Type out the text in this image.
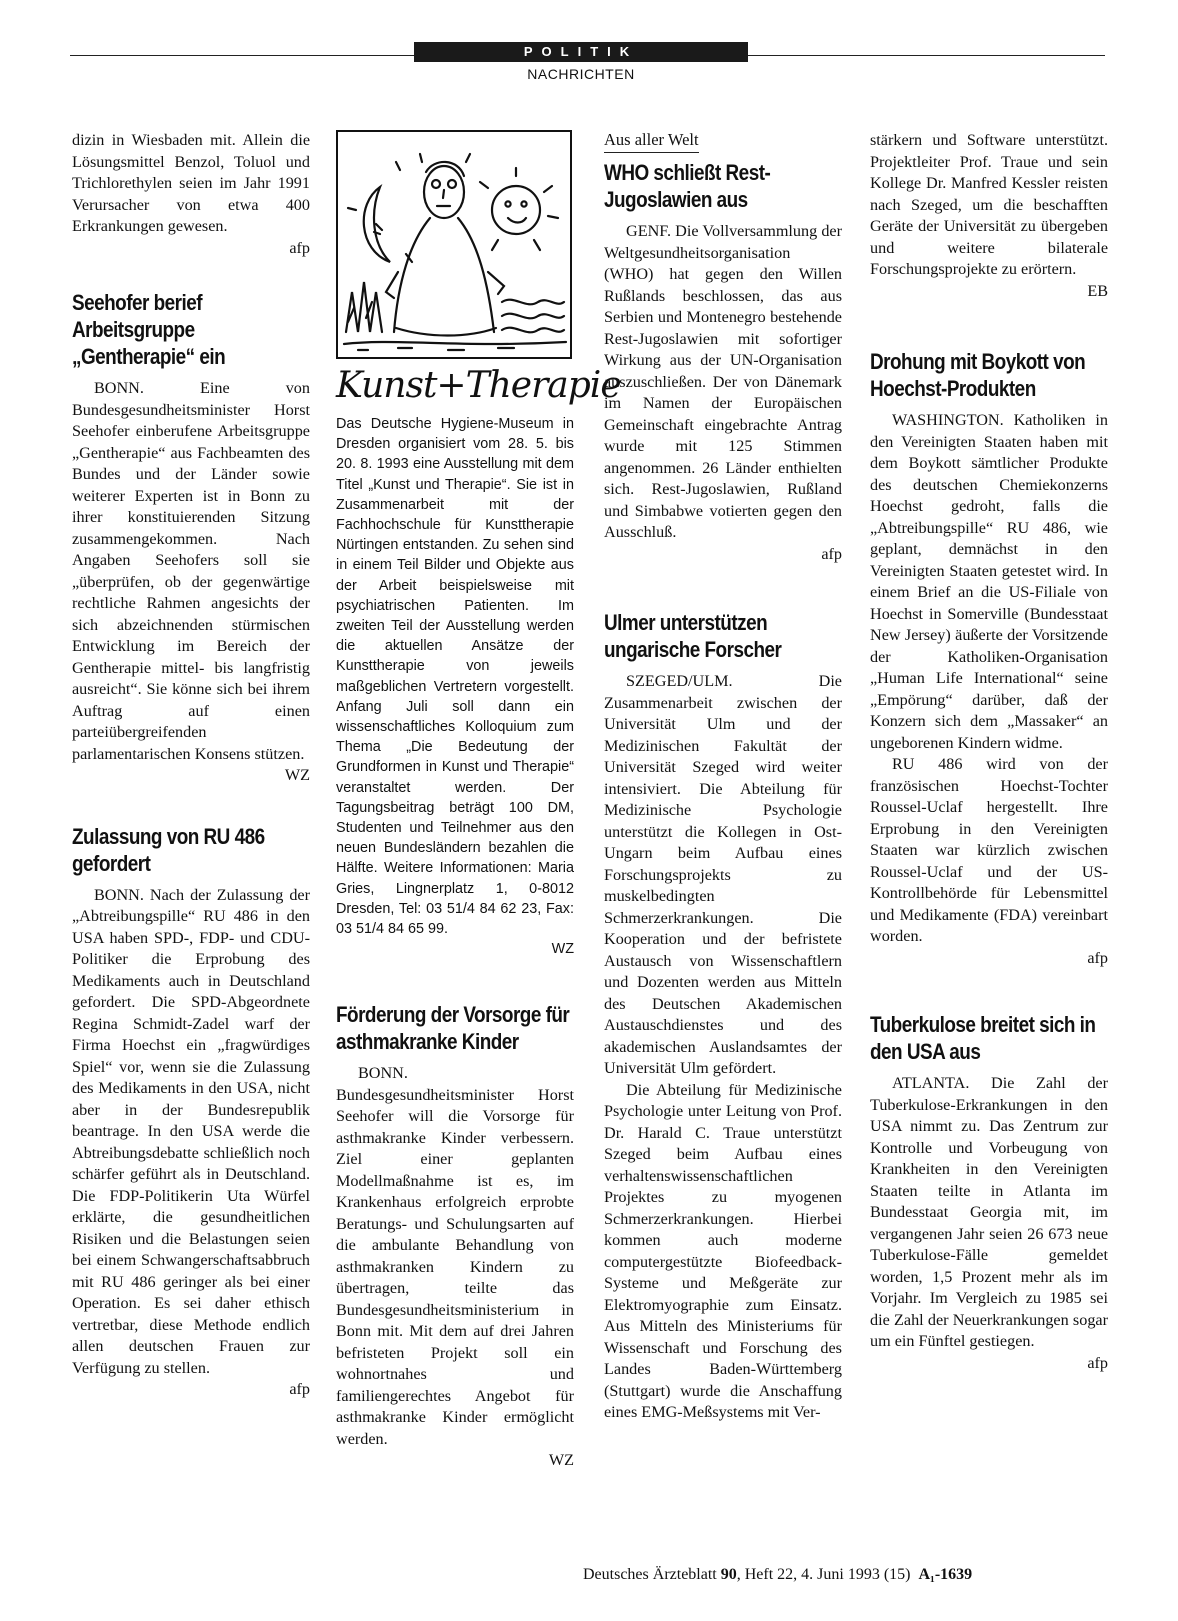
POLITIK
NACHRICHTEN

dizin in Wiesbaden mit. Allein die Lösungsmittel Benzol, Toluol und Trichlorethylen seien im Jahr 1991 Verursacher von etwa 400 Erkrankungen gewesen.
afp

Seehofer berief Arbeitsgruppe „Gentherapie“ ein

BONN. Eine von Bundesgesundheitsminister Horst Seehofer einberufene Arbeitsgruppe „Gentherapie“ aus Fachbeamten des Bundes und der Länder sowie weiterer Experten ist in Bonn zu ihrer konstituierenden Sitzung zusammengekommen. Nach Angaben Seehofers soll sie „überprüfen, ob der gegenwärtige rechtliche Rahmen angesichts der sich abzeichnenden stürmischen Entwicklung im Bereich der Gentherapie mittel- bis langfristig ausreicht“. Sie könne sich bei ihrem Auftrag auf einen parteiübergreifenden parlamentarischen Konsens stützen.
WZ

Zulassung von RU 486 gefordert

BONN. Nach der Zulassung der „Abtreibungspille“ RU 486 in den USA haben SPD-, FDP- und CDU-Politiker die Erprobung des Medikaments auch in Deutschland gefordert. Die SPD-Abgeordnete Regina Schmidt-Zadel warf der Firma Hoechst ein „fragwürdiges Spiel“ vor, wenn sie die Zulassung des Medikaments in den USA, nicht aber in der Bundesrepublik beantrage. In den USA werde die Abtreibungsdebatte schließlich noch schärfer geführt als in Deutschland. Die FDP-Politikerin Uta Würfel erklärte, die gesundheitlichen Risiken und die Belastungen seien bei einem Schwangerschaftsabbruch mit RU 486 geringer als bei einer Operation. Es sei daher ethisch vertretbar, diese Methode endlich allen deutschen Frauen zur Verfügung zu stellen.
afp

Kunst+Therapie
Das Deutsche Hygiene-Museum in Dresden organisiert vom 28. 5. bis 20. 8. 1993 eine Ausstellung mit dem Titel „Kunst und Therapie“. Sie ist in Zusammenarbeit mit der Fachhochschule für Kunsttherapie Nürtingen entstanden. Zu sehen sind in einem Teil Bilder und Objekte aus der Arbeit beispielsweise mit psychiatrischen Patienten. Im zweiten Teil der Ausstellung werden die aktuellen Ansätze der Kunsttherapie von jeweils maßgeblichen Vertretern vorgestellt. Anfang Juli soll dann ein wissenschaftliches Kolloquium zum Thema „Die Bedeutung der Grundformen in Kunst und Therapie“ veranstaltet werden. Der Tagungsbeitrag beträgt 100 DM, Studenten und Teilnehmer aus den neuen Bundesländern bezahlen die Hälfte. Weitere Informationen: Maria Gries, Lingnerplatz 1, 0-8012 Dresden, Tel: 03 51/4 84 62 23, Fax: 03 51/4 84 65 99.
WZ
Förderung der Vorsorge für asthmakranke Kinder

BONN. Bundesgesundheitsminister Horst Seehofer will die Vorsorge für asthmakranke Kinder verbessern. Ziel einer geplanten Modellmaßnahme ist es, im Krankenhaus erfolgreich erprobte Beratungs- und Schulungsarten auf die ambulante Behandlung von asthmakranken Kindern zu übertragen, teilte das Bundesgesundheitsministerium in Bonn mit. Mit dem auf drei Jahren befristeten Projekt soll ein wohnortnahes und familiengerechtes Angebot für asthmakranke Kinder ermöglicht werden.
WZ

Aus aller Welt
WHO schließt Rest-Jugoslawien aus

GENF. Die Vollversammlung der Weltgesundheitsorganisation (WHO) hat gegen den Willen Rußlands beschlossen, das aus Serbien und Montenegro bestehende Rest-Jugoslawien mit sofortiger Wirkung aus der UN-Organisation auszuschließen. Der von Dänemark im Namen der Europäischen Gemeinschaft eingebrachte Antrag wurde mit 125 Stimmen angenommen. 26 Länder enthielten sich. Rest-Jugoslawien, Rußland und Simbabwe votierten gegen den Ausschluß.
afp

Ulmer unterstützen ungarische Forscher

SZEGED/ULM. Die Zusammenarbeit zwischen der Universität Ulm und der Medizinischen Fakultät der Universität Szeged wird weiter intensiviert. Die Abteilung für Medizinische Psychologie unterstützt die Kollegen in Ost-Ungarn beim Aufbau eines Forschungsprojekts zu muskelbedingten Schmerzerkrankungen. Die Kooperation und der befristete Austausch von Wissenschaftlern und Dozenten werden aus Mitteln des Deutschen Akademischen Austauschdienstes und des akademischen Auslandsamtes der Universität Ulm gefördert.

Die Abteilung für Medizinische Psychologie unter Leitung von Prof. Dr. Harald C. Traue unterstützt Szeged beim Aufbau eines verhaltenswissenschaftlichen Projektes zu myogenen Schmerzerkrankungen. Hierbei kommen auch moderne computergestützte Biofeedback-Systeme und Meßgeräte zur Elektromyographie zum Einsatz. Aus Mitteln des Ministeriums für Wissenschaft und Forschung des Landes Baden-Württemberg (Stuttgart) wurde die Anschaffung eines EMG-Meßsystems mit Ver-

stärkern und Software unterstützt. Projektleiter Prof. Traue und sein Kollege Dr. Manfred Kessler reisten nach Szeged, um die beschafften Geräte der Universität zu übergeben und weitere bilaterale Forschungsprojekte zu erörtern.
EB

Drohung mit Boykott von Hoechst-Produkten

WASHINGTON. Katholiken in den Vereinigten Staaten haben mit dem Boykott sämtlicher Produkte des deutschen Chemiekonzerns Hoechst gedroht, falls die „Abtreibungspille“ RU 486, wie geplant, demnächst in den Vereinigten Staaten getestet wird. In einem Brief an die US-Filiale von Hoechst in Somerville (Bundesstaat New Jersey) äußerte der Vorsitzende der Katholiken-Organisation „Human Life International“ seine „Empörung“ darüber, daß der Konzern sich dem „Massaker“ an ungeborenen Kindern widme.

RU 486 wird von der französischen Hoechst-Tochter Roussel-Uclaf hergestellt. Ihre Erprobung in den Vereinigten Staaten war kürzlich zwischen Roussel-Uclaf und der US-Kontrollbehörde für Lebensmittel und Medikamente (FDA) vereinbart worden.
afp

Tuberkulose breitet sich in den USA aus

ATLANTA. Die Zahl der Tuberkulose-Erkrankungen in den USA nimmt zu. Das Zentrum zur Kontrolle und Vorbeugung von Krankheiten in den Vereinigten Staaten teilte in Atlanta im Bundesstaat Georgia mit, im vergangenen Jahr seien 26 673 neue Tuberkulose-Fälle gemeldet worden, 1,5 Prozent mehr als im Vorjahr. Im Vergleich zu 1985 sei die Zahl der Neuerkrankungen sogar um ein Fünftel gestiegen.
afp

Deutsches Ärzteblatt 90, Heft 22, 4. Juni 1993 (15) A₁-1639
